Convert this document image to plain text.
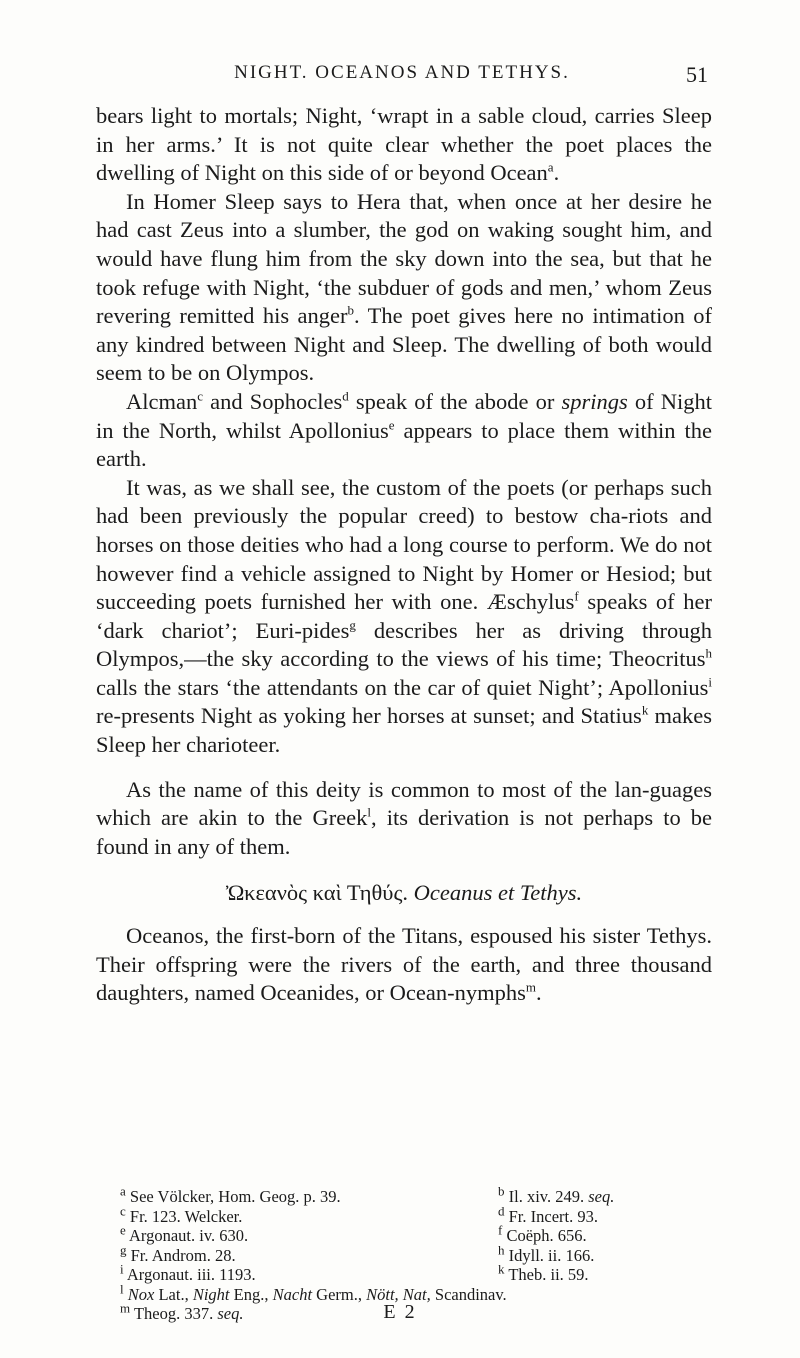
NIGHT. OCEANOS AND TETHYS.	51

bears light to mortals; Night, ‘wrapt in a sable cloud, carries Sleep in her arms.’ It is not quite clear whether the poet places the dwelling of Night on this side of or beyond Ocean$^a$.

In Homer Sleep says to Hera that, when once at her desire he had cast Zeus into a slumber, the god on waking sought him, and would have flung him from the sky down into the sea, but that he took refuge with Night, ‘the subduer of gods and men,’ whom Zeus revering remitted his anger$^b$. The poet gives here no intimation of any kindred between Night and Sleep. The dwelling of both would seem to be on Olympos.

Alcman$^c$ and Sophocles$^d$ speak of the abode or springs of Night in the North, whilst Apollonius$^e$ appears to place them within the earth.

It was, as we shall see, the custom of the poets (or perhaps such had been previously the popular creed) to bestow cha-riots and horses on those deities who had a long course to perform. We do not however find a vehicle assigned to Night by Homer or Hesiod; but succeeding poets furnished her with one. Æschylus$^f$ speaks of her ‘dark chariot’; Euri-pides$^g$ describes her as driving through Olympos,—the sky according to the views of his time; Theocritus$^h$ calls the stars ‘the attendants on the car of quiet Night’; Apollonius$^i$ re-presents Night as yoking her horses at sunset; and Statius$^k$ makes Sleep her charioteer.

As the name of this deity is common to most of the lan-guages which are akin to the Greek$^l$, its derivation is not perhaps to be found in any of them.

Ὠκεανὸς καὶ Τηθύς. Oceanus et Tethys.

Oceanos, the first-born of the Titans, espoused his sister Tethys. Their offspring were the rivers of the earth, and three thousand daughters, named Oceanides, or Ocean-nymphs$^m$.

$^a$ See Völcker, Hom. Geog. p. 39.	$^b$ Il. xiv. 249. seq.
$^c$ Fr. 123. Welcker.	$^d$ Fr. Incert. 93.
$^e$ Argonaut. iv. 630.	$^f$ Coëph. 656.
$^g$ Fr. Androm. 28.	$^h$ Idyll. ii. 166.
$^i$ Argonaut. iii. 1193.	$^k$ Theb. ii. 59.
$^l$ Nox Lat., Night Eng., Nacht Germ., Nött, Nat, Scandinav.
$^m$ Theog. 337. seq.	E 2
